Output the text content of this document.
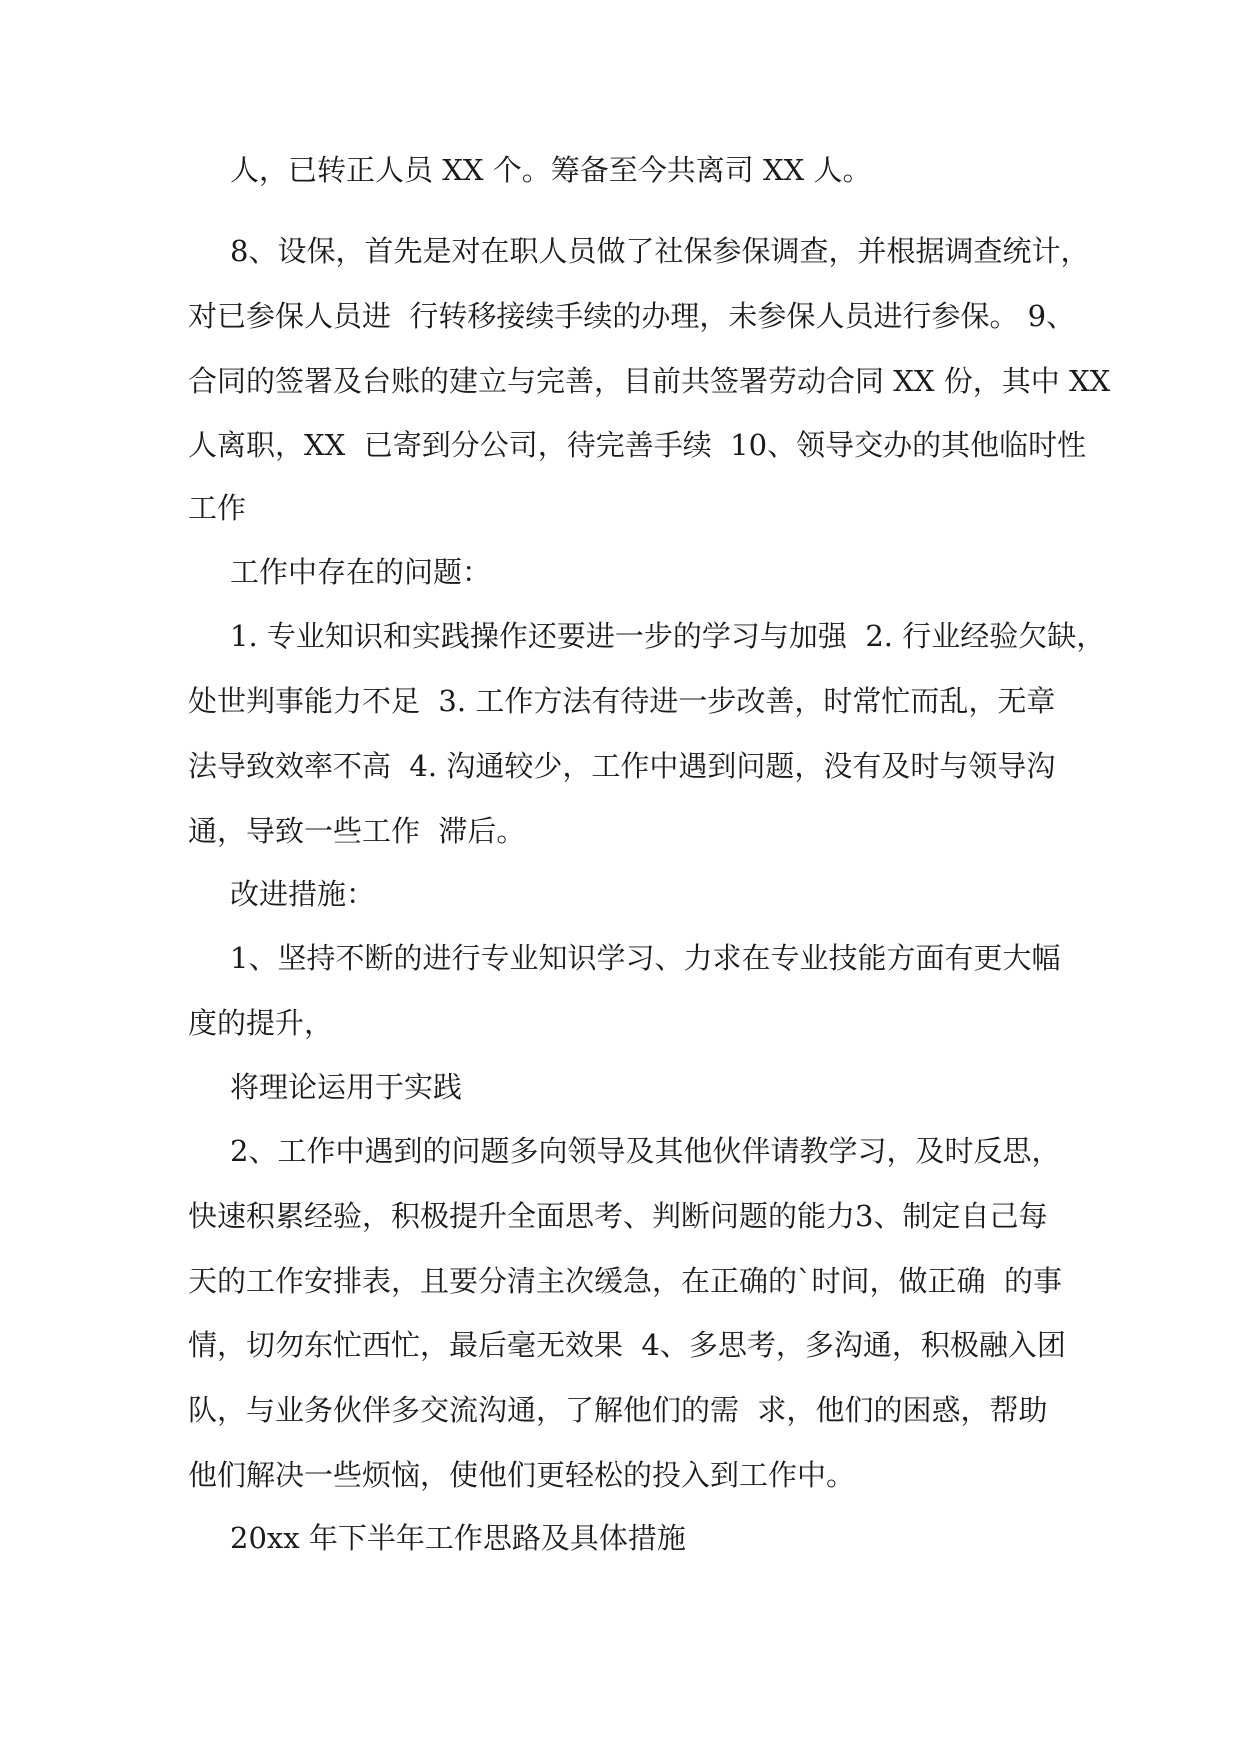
人，已转正人员 XX 个。筹备至今共离司 XX 人。
8、设保，首先是对在职人员做了社保参保调查，并根据调查统计，
对已参保人员进  行转移接续手续的办理，未参保人员进行参保。 9、
合同的签署及台账的建立与完善，目前共签署劳动合同 XX 份，其中 XX
人离职，XX  已寄到分公司，待完善手续  10、领导交办的其他临时性
工作
工作中存在的问题：
1. 专业知识和实践操作还要进一步的学习与加强  2. 行业经验欠缺，
处世判事能力不足  3. 工作方法有待进一步改善，时常忙而乱，无章
法导致效率不高  4. 沟通较少，工作中遇到问题，没有及时与领导沟
通，导致一些工作  滞后。
改进措施：
1、坚持不断的进行专业知识学习、力求在专业技能方面有更大幅
度的提升，
将理论运用于实践
2、工作中遇到的问题多向领导及其他伙伴请教学习，及时反思，
快速积累经验，积极提升全面思考、判断问题的能力3、制定自己每
天的工作安排表，且要分清主次缓急，在正确的`时间，做正确  的事
情，切勿东忙西忙，最后毫无效果  4、多思考，多沟通，积极融入团
队，与业务伙伴多交流沟通，了解他们的需  求，他们的困惑，帮助
他们解决一些烦恼，使他们更轻松的投入到工作中。
20xx 年下半年工作思路及具体措施
